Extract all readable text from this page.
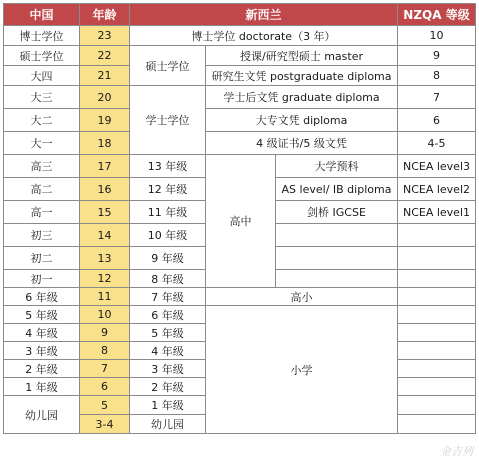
中国	年龄	新西兰			NZQA 等级
博士学位	23	博士学位 doctorate（3 年）			10
硕士学位	22	硕士学位	授课/研究型硕士 master		9
大四	21		研究生文凭 postgraduate diploma		8
大三	20	学士学位	学士后文凭 graduate diploma		7
大二	19		大专文凭 diploma		6
大一	18		4 级证书/5 级文凭		4-5
高三	17	13 年级	高中	大学预科	NCEA level3
高二	16	12 年级		AS level/ IB diploma	NCEA level2
高一	15	11 年级		剑桥 IGCSE	NCEA level1
初三	14	10 年级			
初二	13	9 年级			
初一	12	8 年级			
6 年级	11	7 年级	高小		
5 年级	10	6 年级	小学		
4 年级	9	5 年级			
3 年级	8	4 年级			
2 年级	7	3 年级			
1 年级	6	2 年级			
幼儿园	5	1 年级			
	3-4	幼儿园			
金吉列
